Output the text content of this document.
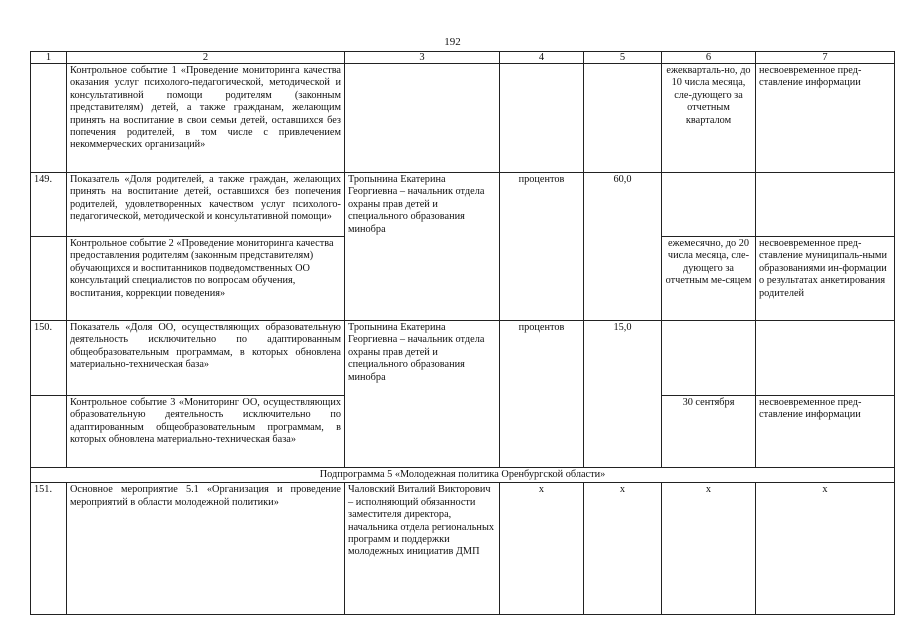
192
1	2	3	4	5	6	7
	Контрольное событие 1 «Проведение мониторинга качества оказания услуг психолого-педагогической, методической и консультативной помощи родителям (законным представителям) детей, а также гражданам, желающим принять на воспитание в свои семьи детей, оставшихся без попечения родителей, в том числе с привлечением некоммерческих организаций»				ежекварталь-но, до 10 числа месяца, сле-дующего за отчетным кварталом	несвоевременное пред-ставление информации
149.	Показатель «Доля родителей, а также граждан, желающих принять на воспитание детей, оставшихся без попечения родителей, удовлетворенных качеством услуг психолого-педагогической, методической и консультативной помощи»	Тропынина Екатерина Георгиевна – начальник отдела охраны прав детей и специального образования минобра	процентов	60,0		
	Контрольное событие 2 «Проведение мониторинга качества предоставления родителям (законным представителям) обучающихся и воспитанников подведомственных ОО консультаций специалистов по вопросам обучения, воспитания, коррекции поведения»				ежемесячно, до 20 числа месяца, сле-дующего за отчетным ме-сяцем	несвоевременное пред-ставление муниципаль-ными образованиями ин-формации о результатах анкетирования родителей
150.	Показатель «Доля ОО, осуществляющих образовательную деятельность исключительно по адаптированным общеобразовательным программам, в которых обновлена материально-техническая база»	Тропынина Екатерина Георгиевна – начальник отдела охраны прав детей и специального образования минобра	процентов	15,0		
	Контрольное событие 3 «Мониторинг ОО, осуществляющих образовательную деятельность исключительно по адаптированным общеобразовательным программам, в которых обновлена материально-техническая база»				30 сентября	несвоевременное пред-ставление информации
Подпрограмма 5 «Молодежная политика Оренбургской области»						
151.	Основное мероприятие 5.1 «Организация и проведение мероприятий в области молодежной политики»	Чаловский Виталий Викторович – исполняющий обязанности заместителя директора, начальника отдела региональных программ и поддержки молодежных инициатив ДМП	х	х	х	х
